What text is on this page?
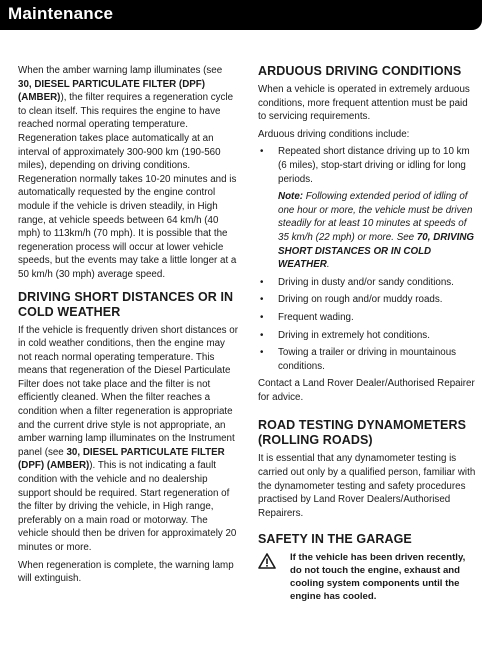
Maintenance

When the amber warning lamp illuminates (see 30, DIESEL PARTICULATE FILTER (DPF) (AMBER)), the filter requires a regeneration cycle to clean itself. This requires the engine to have reached normal operating temperature. Regeneration takes place automatically at an interval of approximately 300-900 km (190-560 miles), depending on driving conditions. Regeneration normally takes 10-20 minutes and is automatically requested by the engine control module if the vehicle is driven steadily, in High range, at vehicle speeds between 64 km/h (40 mph) to 113km/h (70 mph). It is possible that the regeneration process will occur at lower vehicle speeds, but the events may take a little longer at a 50 km/h (30 mph) average speed.

DRIVING SHORT DISTANCES OR IN COLD WEATHER

If the vehicle is frequently driven short distances or in cold weather conditions, then the engine may not reach normal operating temperature. This means that regeneration of the Diesel Particulate Filter does not take place and the filter is not efficiently cleaned. When the filter reaches a condition when a filter regeneration is appropriate and the current drive style is not appropriate, an amber warning lamp illuminates on the Instrument panel (see 30, DIESEL PARTICULATE FILTER (DPF) (AMBER)). This is not indicating a fault condition with the vehicle and no dealership support should be required. Start regeneration of the filter by driving the vehicle, in High range, preferably on a main road or motorway. The vehicle should then be driven for approximately 20 minutes or more.

When regeneration is complete, the warning lamp will extinguish.

ARDUOUS DRIVING CONDITIONS

When a vehicle is operated in extremely arduous conditions, more frequent attention must be paid to servicing requirements.

Arduous driving conditions include:

• Repeated short distance driving up to 10 km (6 miles), stop-start driving or idling for long periods.

Note: Following extended period of idling of one hour or more, the vehicle must be driven steadily for at least 10 minutes at speeds of 35 km/h (22 mph) or more. See 70, DRIVING SHORT DISTANCES OR IN COLD WEATHER.

• Driving in dusty and/or sandy conditions.
• Driving on rough and/or muddy roads.
• Frequent wading.
• Driving in extremely hot conditions.
• Towing a trailer or driving in mountainous conditions.

Contact a Land Rover Dealer/Authorised Repairer for advice.

ROAD TESTING DYNAMOMETERS (ROLLING ROADS)

It is essential that any dynamometer testing is carried out only by a qualified person, familiar with the dynamometer testing and safety procedures practised by Land Rover Dealers/Authorised Repairers.

SAFETY IN THE GARAGE
If the vehicle has been driven recently, do not touch the engine, exhaust and cooling system components until the engine has cooled.
